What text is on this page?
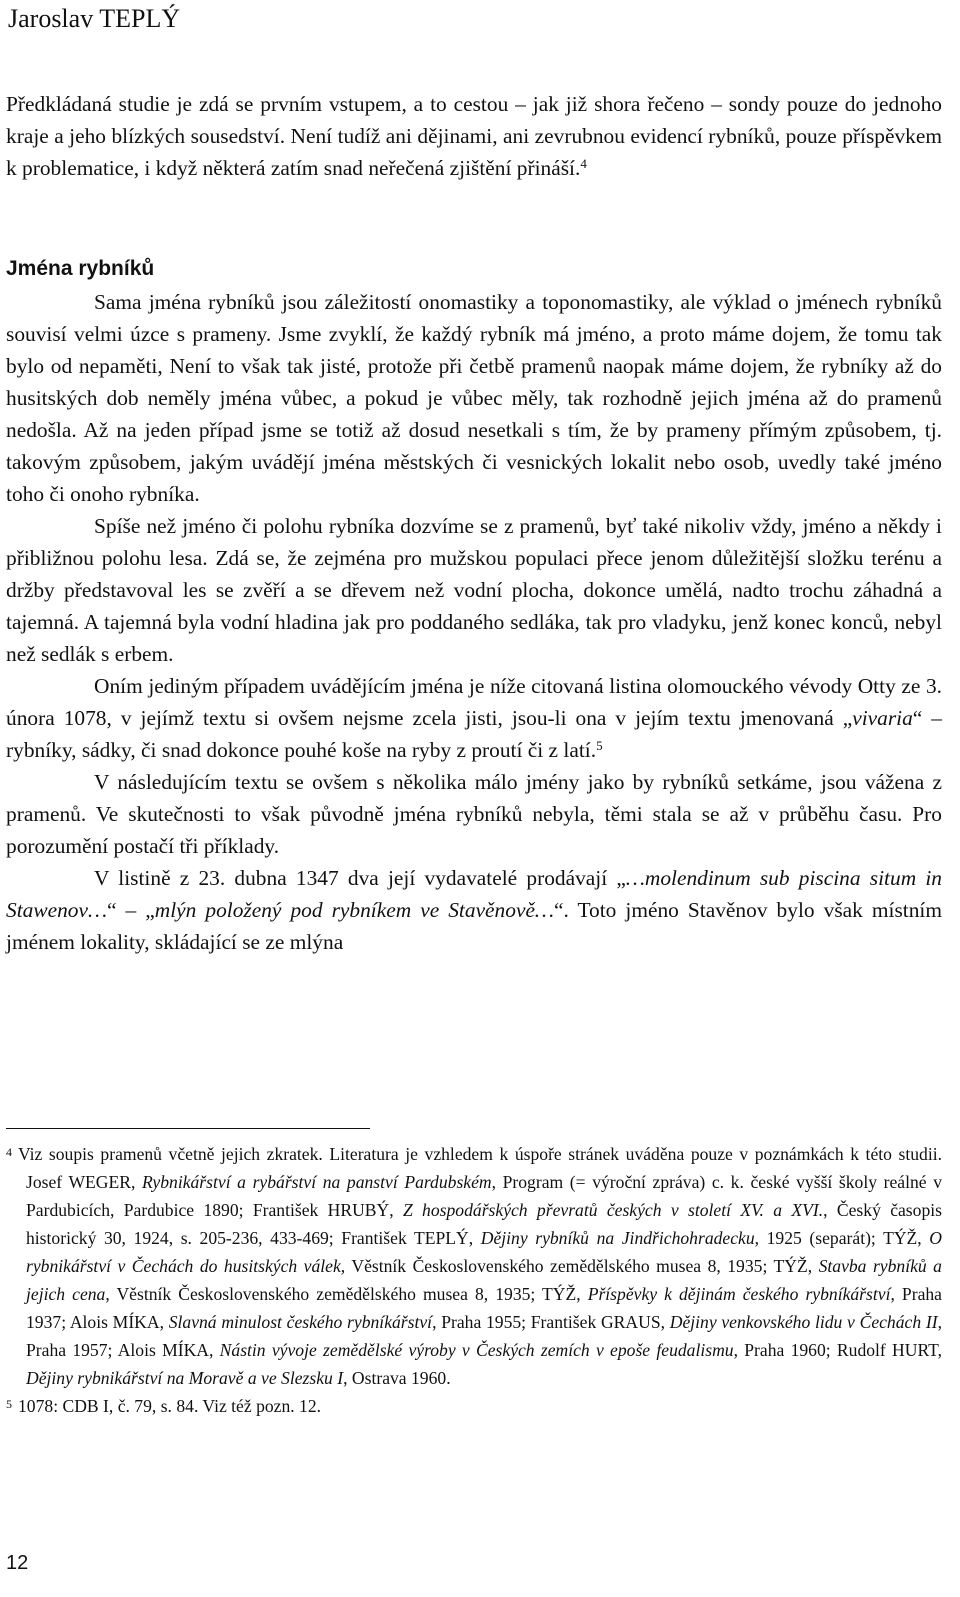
Jaroslav TEPLÝ

Předkládaná studie je zdá se prvním vstupem, a to cestou – jak již shora řečeno – sondy pouze do jednoho kraje a jeho blízkých sousedství. Není tudíž ani dějinami, ani zevrubnou evidencí rybníků, pouze příspěvkem k problematice, i když některá zatím snad neřečená zjištění přináší.$^4$

Jména rybníků

Sama jména rybníků jsou záležitostí onomastiky a toponomastiky, ale výklad o jménech rybníků souvisí velmi úzce s prameny. Jsme zvyklí, že každý rybník má jméno, a proto máme dojem, že tomu tak bylo od nepaměti, Není to však tak jisté, protože při četbě pramenů naopak máme dojem, že rybníky až do husitských dob neměly jména vůbec, a pokud je vůbec měly, tak rozhodně jejich jména až do pramenů nedošla. Až na jeden případ jsme se totiž až dosud nesetkali s tím, že by prameny přímým způsobem, tj. takovým způsobem, jakým uvádějí jména městských či vesnických lokalit nebo osob, uvedly také jméno toho či onoho rybníka.

Spíše než jméno či polohu rybníka dozvíme se z pramenů, byť také nikoliv vždy, jméno a někdy i přibližnou polohu lesa. Zdá se, že zejména pro mužskou populaci přece jenom důležitější složku terénu a držby představoval les se zvěří a se dřevem než vodní plocha, dokonce umělá, nadto trochu záhadná a tajemná. A tajemná byla vodní hladina jak pro poddaného sedláka, tak pro vladyku, jenž konec konců, nebyl než sedlák s erbem.

Oním jediným případem uvádějícím jména je níže citovaná listina olomouckého vévody Otty ze 3. února 1078, v jejímž textu si ovšem nejsme zcela jisti, jsou-li ona v jejím textu jmenovaná „vivaria“ – rybníky, sádky, či snad dokonce pouhé koše na ryby z proutí či z latí.$^5$

V následujícím textu se ovšem s několika málo jmény jako by rybníků setkáme, jsou vážena z pramenů. Ve skutečnosti to však původně jména rybníků nebyla, těmi stala se až v průběhu času. Pro porozumění postačí tři příklady.

V listině z 23. dubna 1347 dva její vydavatelé prodávají „…molendinum sub piscina situm in Stawenov…“ – „mlýn položený pod rybníkem ve Stavěnově…“. Toto jméno Stavěnov bylo však místním jménem lokality, skládající se ze mlýna

$^4$ Viz soupis pramenů včetně jejich zkratek. Literatura je vzhledem k úspoře stránek uváděna pouze v poznámkách k této studii. Josef WEGER, Rybnikářství a rybářství na panství Pardubském, Program (= výroční zpráva) c. k. české vyšší školy reálné v Pardubicích, Pardubice 1890; František HRUBÝ, Z hospodářských převratů českých v století XV. a XVI., Český časopis historický 30, 1924, s. 205-236, 433-469; František TEPLÝ, Dějiny rybníků na Jindřichohradecku, 1925 (separát); TÝŽ, O rybnikářství v Čechách do husitských válek, Věstník Československého zemědělského musea 8, 1935; TÝŽ, Stavba rybníků a jejich cena, Věstník Československého zemědělského musea 8, 1935; TÝŽ, Příspěvky k dějinám českého rybníkářství, Praha 1937; Alois MÍKA, Slavná minulost českého rybníkářství, Praha 1955; František GRAUS, Dějiny venkovského lidu v Čechách II, Praha 1957; Alois MÍKA, Nástin vývoje zemědělské výroby v Českých zemích v epoše feudalismu, Praha 1960; Rudolf HURT, Dějiny rybnikářství na Moravě a ve Slezsku I, Ostrava 1960.

$^5$ 1078: CDB I, č. 79, s. 84. Viz též pozn. 12.

12
